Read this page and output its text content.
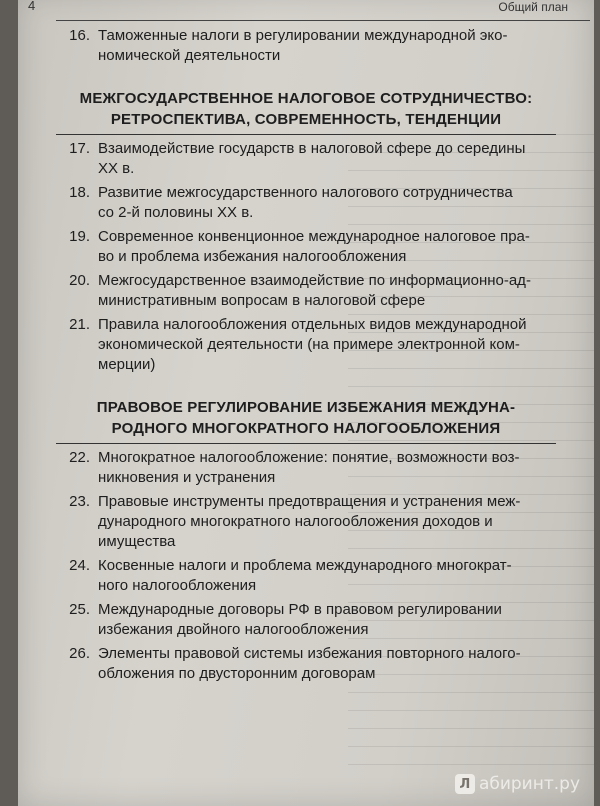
4	Общий план
16. Таможенные налоги в регулировании международной эко-
номической деятельности
МЕЖГОСУДАРСТВЕННОЕ НАЛОГОВОЕ СОТРУДНИЧЕСТВО:
РЕТРОСПЕКТИВА, СОВРЕМЕННОСТЬ, ТЕНДЕНЦИИ
17. Взаимодействие государств в налоговой сфере до середины
XX в.
18. Развитие межгосударственного налогового сотрудничества
со 2-й половины XX в.
19. Современное конвенционное международное налоговое пра-
во и проблема избежания налогообложения
20. Межгосударственное взаимодействие по информационно-ад-
министративным вопросам в налоговой сфере
21. Правила налогообложения отдельных видов международной
экономической деятельности (на примере электронной ком-
мерции)
ПРАВОВОЕ РЕГУЛИРОВАНИЕ ИЗБЕЖАНИЯ МЕЖДУНА-
РОДНОГО МНОГОКРАТНОГО НАЛОГООБЛОЖЕНИЯ
22. Многократное налогообложение: понятие, возможности воз-
никновения и устранения
23. Правовые инструменты предотвращения и устранения меж-
дународного многократного налогообложения доходов и
имущества
24. Косвенные налоги и проблема международного многократ-
ного налогообложения
25. Международные договоры РФ в правовом регулировании
избежания двойного налогообложения
26. Элементы правовой системы избежания повторного налого-
обложения по двусторонним договорам
Л абиринт.ру
